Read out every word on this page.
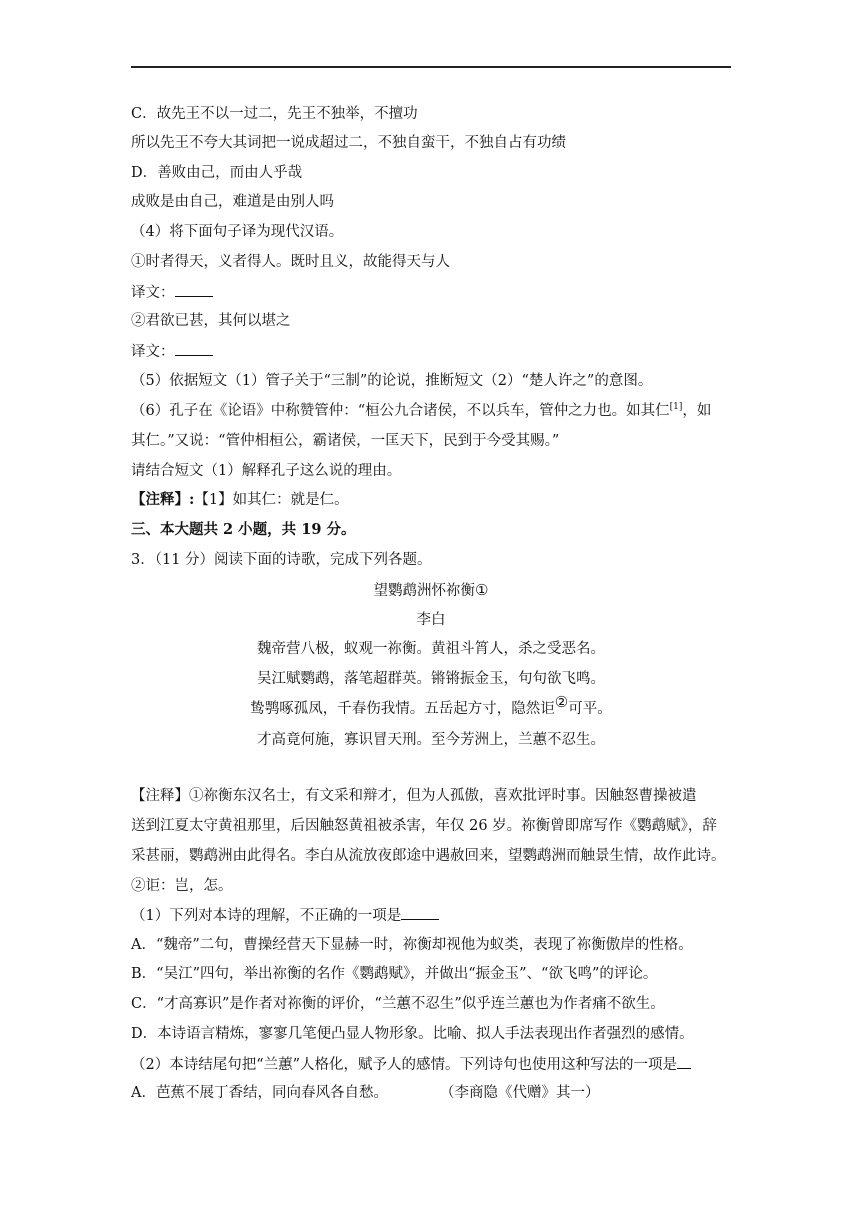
C．故先王不以一过二，先王不独举，不擅功
所以先王不夸大其词把一说成超过二，不独自蛮干，不独自占有功绩
D．善败由己，而由人乎哉
成败是由自己，难道是由别人吗
（4）将下面句子译为现代汉语。
①时者得天，义者得人。既时且义，故能得天与人
译文：
②君欲已甚，其何以堪之
译文：
（5）依据短文（1）管子关于“三制”的论说，推断短文（2）“楚人许之”的意图。
（6）孔子在《论语》中称赞管仲：“桓公九合诸侯，不以兵车，管仲之力也。如其仁[1]，如
其仁。”又说：“管仲相桓公，霸诸侯，一匡天下，民到于今受其赐。”
请结合短文（1）解释孔子这么说的理由。
【注释】:【1】如其仁：就是仁。
三、本大题共 2 小题，共 19 分。
3．（11 分）阅读下面的诗歌，完成下列各题。
望鹦鹉洲怀祢衡①
李白
魏帝营八极，蚁观一祢衡。黄祖斗筲人，杀之受恶名。
吴江赋鹦鹉，落笔超群英。锵锵振金玉，句句欲飞鸣。
鸷鹗啄孤凤，千春伤我情。五岳起方寸，隐然讵②可平。
才高竟何施，寡识冒天刑。至今芳洲上，兰蕙不忍生。
【注释】①祢衡东汉名士，有文采和辩才，但为人孤傲，喜欢批评时事。因触怒曹操被遣
送到江夏太守黄祖那里，后因触怒黄祖被杀害，年仅 26 岁。祢衡曾即席写作《鹦鹉赋》，辞
采甚丽，鹦鹉洲由此得名。李白从流放夜郎途中遇赦回来，望鹦鹉洲而触景生情，故作此诗。
②讵：岂，怎。
（1）下列对本诗的理解，不正确的一项是
A．“魏帝”二句，曹操经营天下显赫一时，祢衡却视他为蚁类，表现了祢衡傲岸的性格。
B．“吴江”四句，举出祢衡的名作《鹦鹉赋》，并做出“振金玉”、“欲飞鸣”的评论。
C．“才高寡识”是作者对祢衡的评价，“兰蕙不忍生”似乎连兰蕙也为作者痛不欲生。
D．本诗语言精炼，寥寥几笔便凸显人物形象。比喻、拟人手法表现出作者强烈的感情。
（2）本诗结尾句把“兰蕙”人格化，赋予人的感情。下列诗句也使用这种写法的一项是
A．芭蕉不展丁香结，同向春风各自愁。	（李商隐《代赠》其一）
